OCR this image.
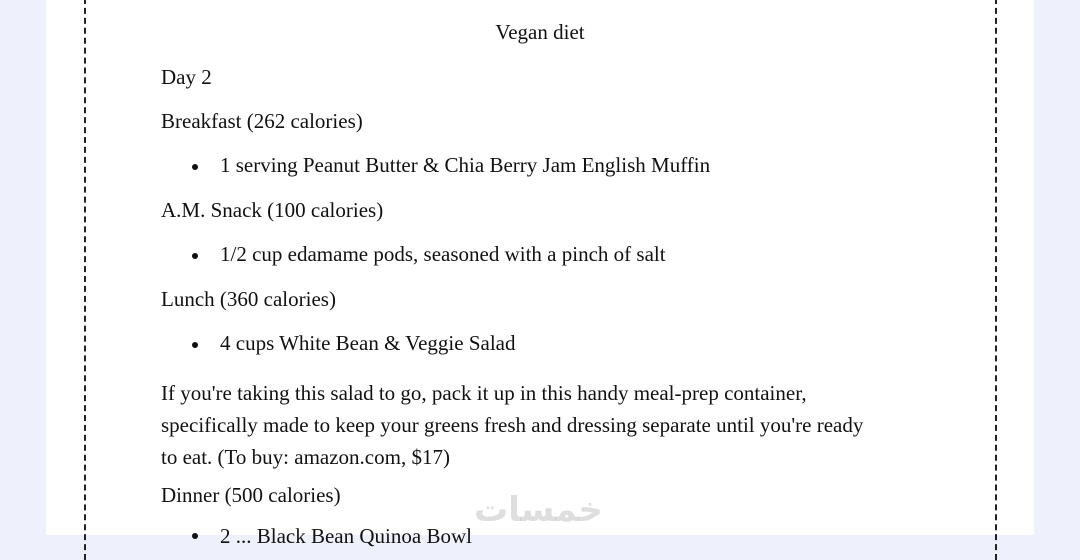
Vegan diet
Day 2
Breakfast (262 calories)
1 serving Peanut Butter & Chia Berry Jam English Muffin
A.M. Snack (100 calories)
1/2 cup edamame pods, seasoned with a pinch of salt
Lunch (360 calories)
4 cups White Bean & Veggie Salad
If you're taking this salad to go, pack it up in this handy meal-prep container, specifically made to keep your greens fresh and dressing separate until you're ready to eat. (To buy: amazon.com, $17)
Dinner (500 calories)
2 ... Black Bean Quinoa Bowl
خمسات
